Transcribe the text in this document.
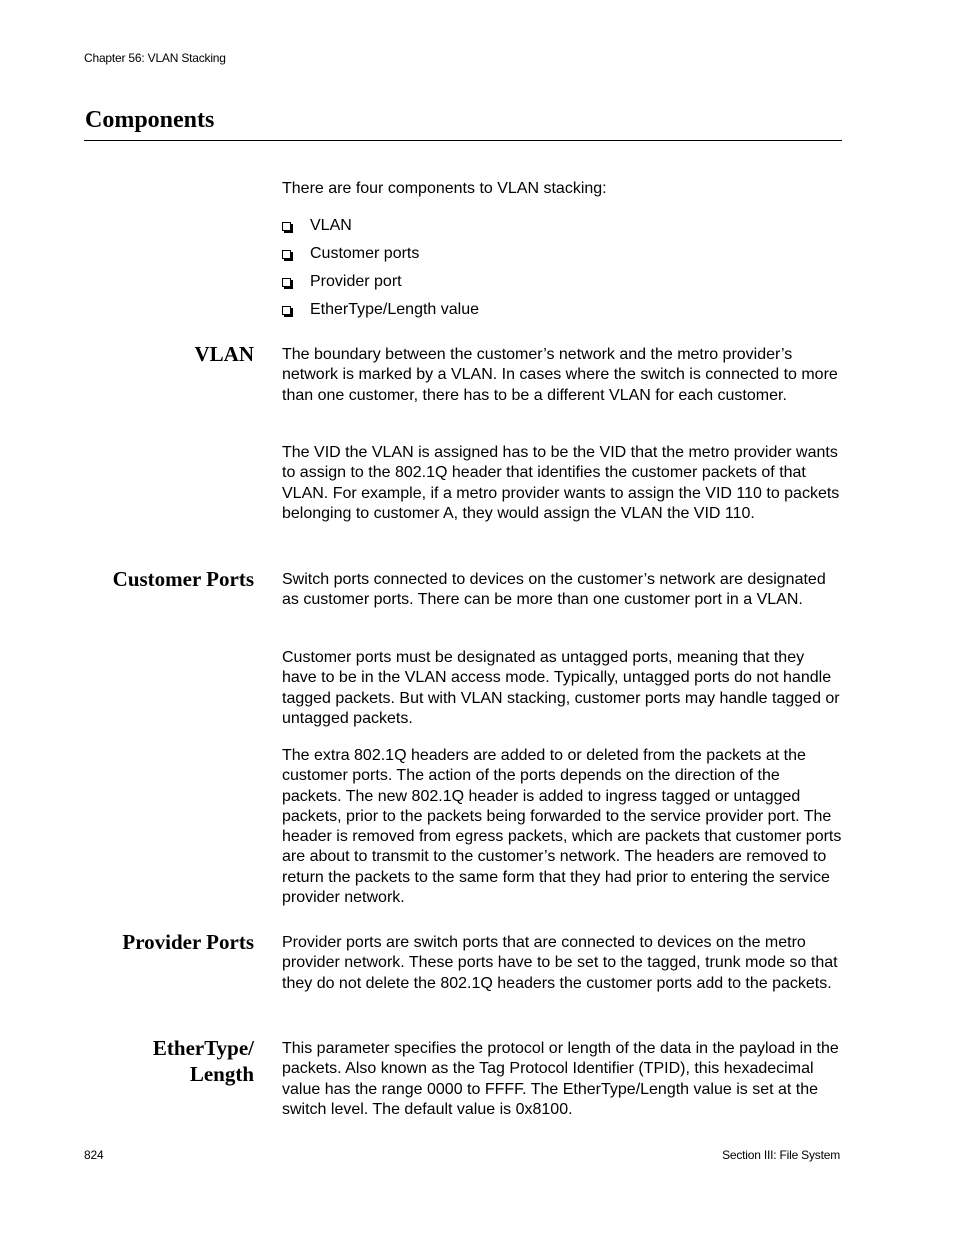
Chapter 56: VLAN Stacking
Components

There are four components to VLAN stacking:

VLAN
Customer ports
Provider port
EtherType/Length value
VLAN The boundary between the customer’s network and the metro provider’s network is marked by a VLAN. In cases where the switch is connected to more than one customer, there has to be a different VLAN for each customer.

The VID the VLAN is assigned has to be the VID that the metro provider wants to assign to the 802.1Q header that identifies the customer packets of that VLAN. For example, if a metro provider wants to assign the VID 110 to packets belonging to customer A, they would assign the VLAN the VID 110.

Customer Ports Switch ports connected to devices on the customer’s network are designated as customer ports. There can be more than one customer port in a VLAN.

Customer ports must be designated as untagged ports, meaning that they have to be in the VLAN access mode. Typically, untagged ports do not handle tagged packets. But with VLAN stacking, customer ports may handle tagged or untagged packets.

The extra 802.1Q headers are added to or deleted from the packets at the customer ports. The action of the ports depends on the direction of the packets. The new 802.1Q header is added to ingress tagged or untagged packets, prior to the packets being forwarded to the service provider port. The header is removed from egress packets, which are packets that customer ports are about to transmit to the customer’s network. The headers are removed to return the packets to the same form that they had prior to entering the service provider network.

Provider Ports Provider ports are switch ports that are connected to devices on the metro provider network. These ports have to be set to the tagged, trunk mode so that they do not delete the 802.1Q headers the customer ports add to the packets.

EtherType/
Length

This parameter specifies the protocol or length of the data in the payload in the packets. Also known as the Tag Protocol Identifier (TPID), this hexadecimal value has the range 0000 to FFFF. The EtherType/Length value is set at the switch level. The default value is 0x8100.

824	Section III: File System
